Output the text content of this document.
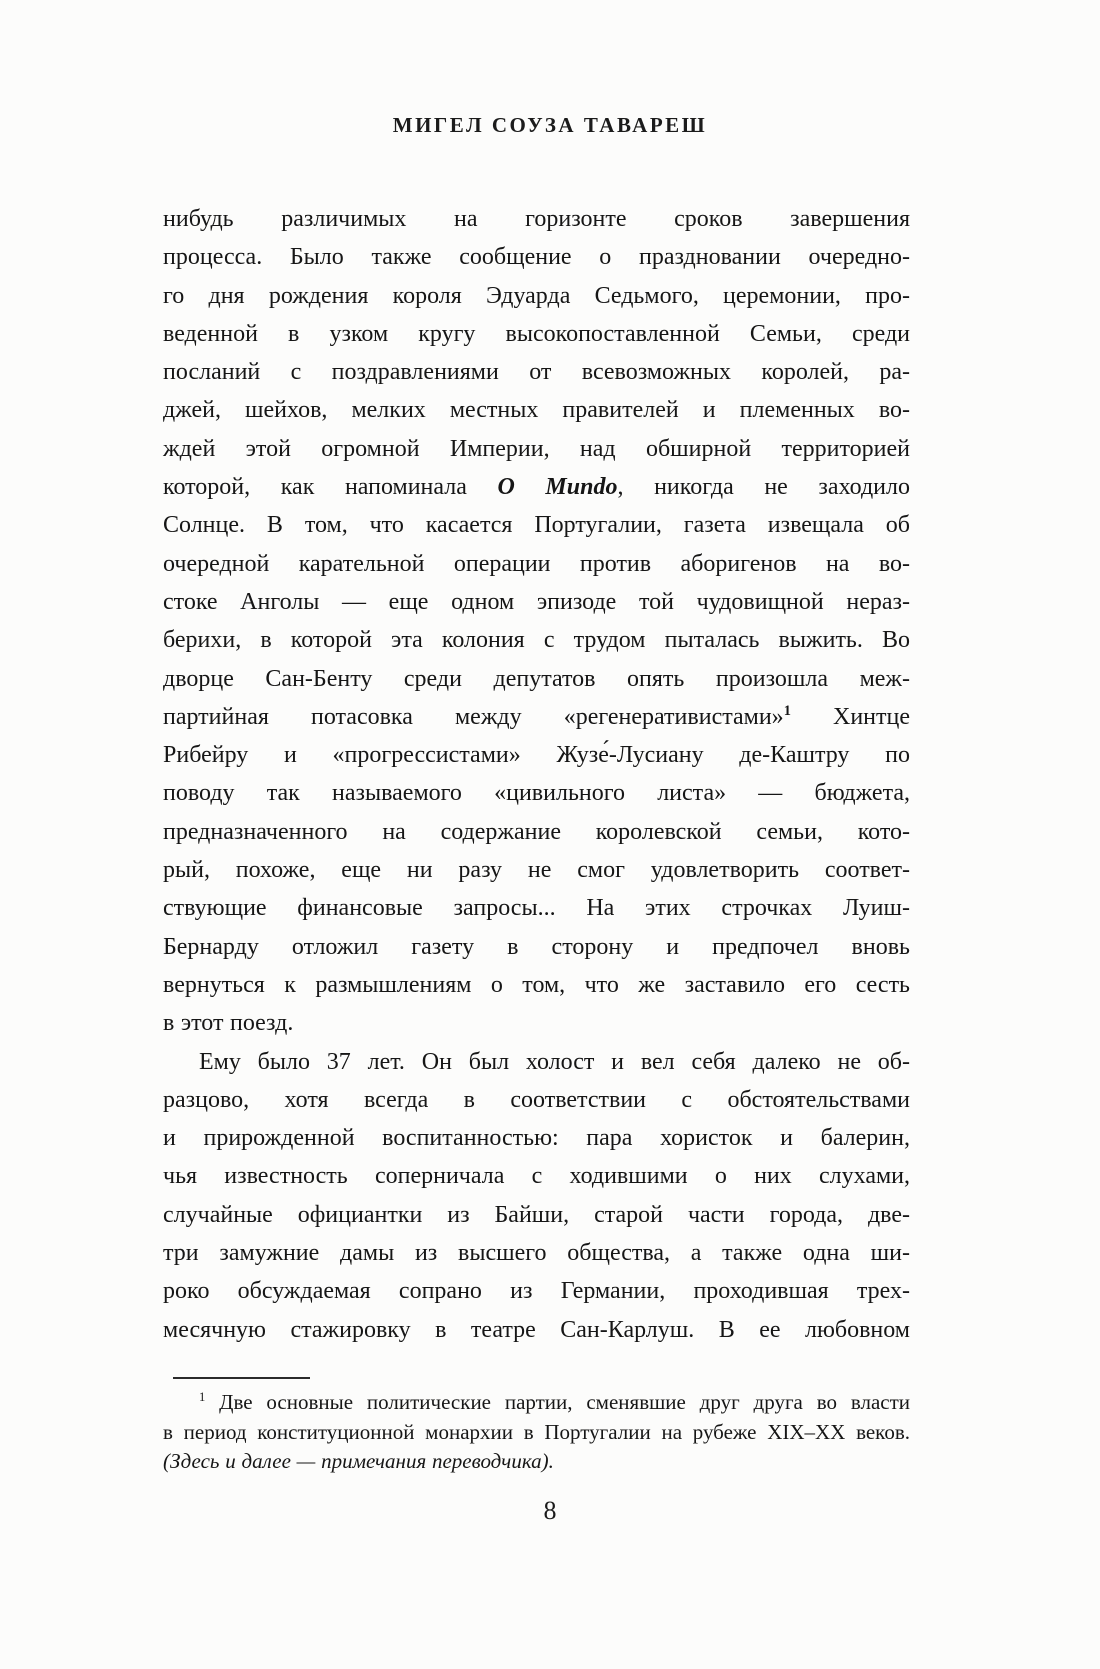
МИГЕЛ СОУЗА ТАВАРЕШ
нибудь различимых на горизонте сроков завершения
процесса. Было также сообщение о праздновании очередно-
го дня рождения короля Эдуарда Седьмого, церемонии, про-
веденной в узком кругу высокопоставленной Семьи, среди
посланий с поздравлениями от всевозможных королей, ра-
джей, шейхов, мелких местных правителей и племенных во-
ждей этой огромной Империи, над обширной территорией
которой, как напоминала O Mundo, никогда не заходило
Солнце. В том, что касается Португалии, газета извещала об
очередной карательной операции против аборигенов на во-
стоке Анголы — еще одном эпизоде той чудовищной нераз-
берихи, в которой эта колония с трудом пыталась выжить. Во
дворце Сан-Бенту среди депутатов опять произошла меж-
партийная потасовка между «регенеративистами»$^1$ Хинтце
Рибейру и «прогрессистами» Жузе́-Лусиану де-Каштру по
поводу так называемого «цивильного листа» — бюджета,
предназначенного на содержание королевской семьи, кото-
рый, похоже, еще ни разу не смог удовлетворить соответ-
ствующие финансовые запросы... На этих строчках Луиш-
Бернарду отложил газету в сторону и предпочел вновь
вернуться к размышлениям о том, что же заставило его сесть
в этот поезд.
Ему было 37 лет. Он был холост и вел себя далеко не об-
разцово, хотя всегда в соответствии с обстоятельствами
и прирожденной воспитанностью: пара хористок и балерин,
чья известность соперничала с ходившими о них слухами,
случайные официантки из Байши, старой части города, две-
три замужние дамы из высшего общества, а также одна ши-
роко обсуждаемая сопрано из Германии, проходившая трех-
месячную стажировку в театре Сан-Карлуш. В ее любовном
$^1$ Две основные политические партии, сменявшие друг друга во власти
в период конституционной монархии в Португалии на рубеже XIX–XX веков.
(Здесь и далее — примечания переводчика).
8
